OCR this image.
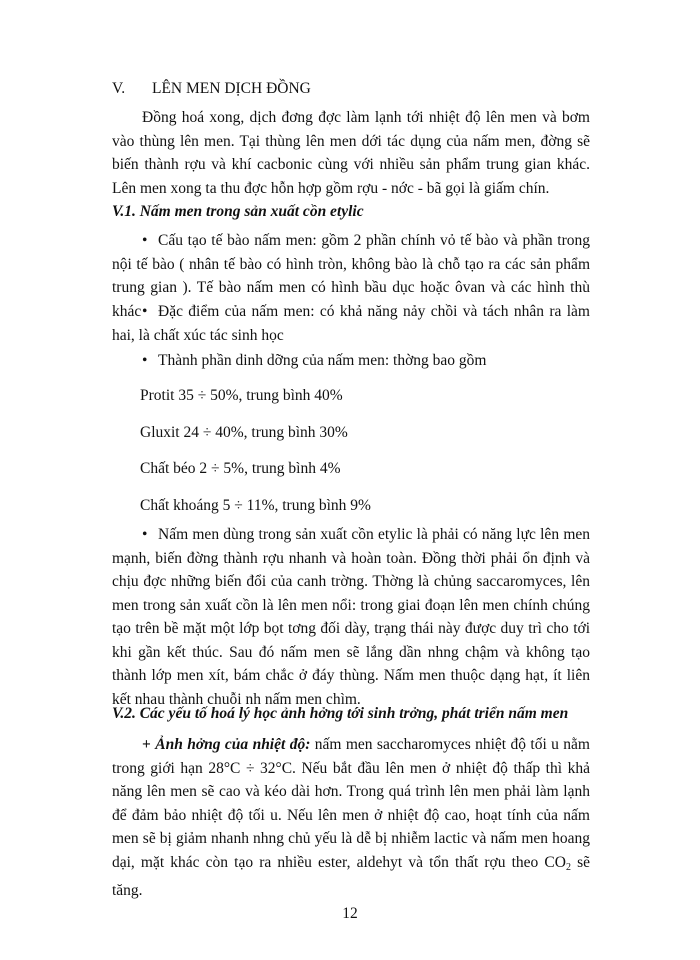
V. LÊN MEN DỊCH ĐỒNG

Đồng hoá xong, dịch đơng đợc làm lạnh tới nhiệt độ lên men và bơm vào thùng lên men. Tại thùng lên men dới tác dụng của nấm men, đờng sẽ biến thành rợu và khí cacbonic cùng với nhiều sản phẩm trung gian khác. Lên men xong ta thu đợc hỗn hợp gồm rợu - nớc - bã gọi là giấm chín.

V.1. Nấm men trong sản xuất cồn etylic

• Cấu tạo tế bào nấm men: gồm 2 phần chính vỏ tế bào và phần trong nội tế bào ( nhân tế bào có hình tròn, không bào là chỗ tạo ra các sản phẩm trung gian ). Tế bào nấm men có hình bầu dục hoặc ôvan và các hình thù khác • Đặc điểm của nấm men: có khả năng nảy chồi và tách nhân ra làm hai, là chất xúc tác sinh học

• Thành phần dinh dỡng của nấm men: thờng bao gồm

Protit 35 ÷ 50%, trung bình 40%
Gluxit 24 ÷ 40%, trung bình 30%
Chất béo 2 ÷ 5%, trung bình 4%
Chất khoáng 5 ÷ 11%, trung bình 9%

• Nấm men dùng trong sản xuất cồn etylic là phải có năng lực lên men mạnh, biến đờng thành rợu nhanh và hoàn toàn. Đồng thời phải ổn định và chịu đợc những biến đổi của canh trờng. Thờng là chủng saccaromyces, lên men trong sản xuất cồn là lên men nổi: trong giai đoạn lên men chính chúng tạo trên bề mặt một lớp bọt tơng đối dày, trạng thái này được duy trì cho tới khi gần kết thúc. Sau đó nấm men sẽ lắng dần nhng chậm và không tạo thành lớp men xít, bám chắc ở đáy thùng. Nấm men thuộc dạng hạt, ít liên kết nhau thành chuỗi nh nấm men chìm.

V.2. Các yếu tố hoá lý học ảnh hởng tới sinh trởng, phát triển nấm men

+ Ảnh hởng của nhiệt độ: nấm men saccharomyces nhiệt độ tối u nằm trong giới hạn 28°C ÷ 32°C. Nếu bắt đầu lên men ở nhiệt độ thấp thì khả năng lên men sẽ cao và kéo dài hơn. Trong quá trình lên men phải làm lạnh để đảm bảo nhiệt độ tối u. Nếu lên men ở nhiệt độ cao, hoạt tính của nấm men sẽ bị giảm nhanh nhng chủ yếu là dễ bị nhiễm lactic và nấm men hoang dại, mặt khác còn tạo ra nhiều ester, aldehyt và tổn thất rợu theo $CO_2$ sẽ tăng.

12
